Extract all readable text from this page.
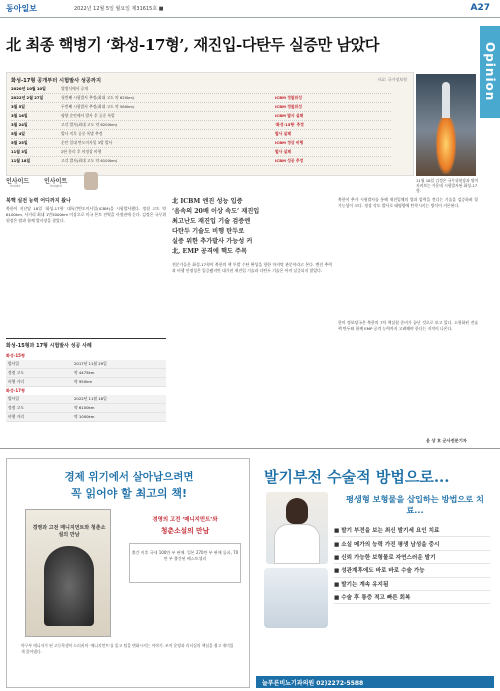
동아일보	2022년 12월 5일 월요일 제31615호 ■	A27
Opinion
北 최종 핵병기 ‘화성-17형’, 재진입-다탄두 실증만 남았다
화성-17형 공개부터 시험발사 성공까지	자료: 국가정보원
2020년 10월 10일	열병식에서 공개
2022년 2월 27일	첫번째 시험발사 추정(최대 고도 약 620km)	ICBM 정찰위성
3월 5일	두번째 시험발사 추정(최대 고도 약 560km)	ICBM 정찰위성
3월 16일	평양 순안에서 발사 후 공중 폭발	ICBM 발사 실패
3월 24일	고각 발사(최대 고도 약 6200km)	'화성-15형' 추정
5월 4일	발사 직후 공중 폭발 추정	발사 실패
5월 25일	순안 일대 탄도미사일 3발 발사	ICBM 정상 비행
11월 3일	2단 분리 후 비정상 비행	발사 실패
11월 18일	고각 발사(최대 고도 약 6100km)	ICBM 성공 추정
11월 18일 김정은 국무위원장과 딸이 지켜보는 가운데 시험발사된 화성-17형.
인사이드
Inside
인사이트
Insight
북핵 실전 능력 어디까지 왔나
북한이 지난달 18일 ‘화성-17형’ 대륙간탄도미사일(ICBM)을 시험발사했다. 정점 고도 약 6100km, 사거리 최대 1만5000km 이상으로 미국 본토 전역을 사정권에 둔다. 김정은 국무위원장은 딸과 함께 발사장을 찾았다.
北 ICBM 엔진 성능 입증
‘음속의 20배 이상 속도’ 재진입
최고난도 재진입 기술 검증엔
다탄두 기술도 비행 탄두로
실증 위한 추가발사 가능성 커
北, EMP 공격에 핵도 주목
전문가들은 화성-17형이 북한의 핵 투발 수단 완성을 향한 마지막 관문이라고 본다. 엔진 추력과 비행 안정성은 입증됐지만 대기권 재진입 기술과 다탄두 기술은 아직 실증되지 않았다.
북한이 추가 시험발사를 통해 재진입체의 열과 압력을 견디는 기술을 검증하려 할 가능성이 크다. 정상 각도 발사로 태평양에 탄착시키는 방식이 거론된다.
한미 정보당국은 북한의 7차 핵실험 준비가 끝난 것으로 보고 있다. 소형화된 전술핵 탄두와 함께 EMP 공격 능력까지 고려해야 한다는 지적이 나온다.
화성-15형과 17형 시험발사 성공 사례
화성-15형
발사일	2017년 11월 29일
정점 고도	약 4475km
비행 거리	약 950km
화성-17형
발사일	2022년 11월 18일
정점 고도	약 6100km
비행 거리	약 1000km
윤 상 호 군사전문기자
경제 위기에서 살아남으려면
꼭 읽어야 할 최고의 책!
경영과 고전 매니지먼트와 청춘소설의 만남
경영의 고전 ‘매니지먼트’와
청춘소설의 만남
출간 이후 국내 100만 부 판매. 일본 270만 부 판매 돌파, 70만 부 출간된 베스트셀러
야구부 매니저가 된 고등학생이 드러커의 ‘매니지먼트’를 읽고 팀을 변화시키는 이야기. 조직 운영과 리더십의 핵심을 쉽고 재미있게 풀어냈다.
발기부전 수술적 방법으로...
평생형 보형물을 삽입하는 방법으로 치료...
■ 발기 부전을 보는 최신 발기세 요인 치료
■ 소실 메가의 능력 가진 평생 남성을 중시
■ 신뢰 가능한 보형물로 자연스러운 발기
■ 성관계후에도 바로 바로 수술 가능
■ 발기는 계속 유지됨
■ 수술 후 통증 적고 빠른 회복
늘푸른비뇨기과의원 02)2272-5588
